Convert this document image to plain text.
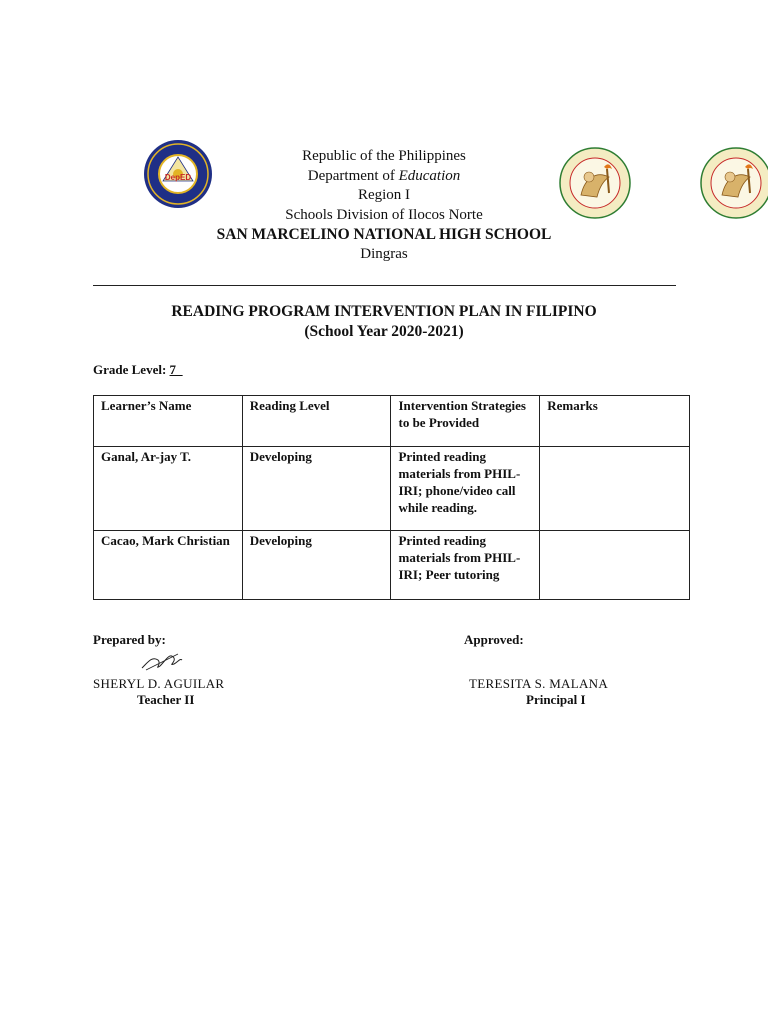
DepED
Republic of the Philippines
Department of Education
Region I
Schools Division of Ilocos Norte
SAN MARCELINO NATIONAL HIGH SCHOOL
Dingras
READING PROGRAM INTERVENTION PLAN IN FILIPINO
(School Year 2020-2021)
Grade Level: 7_
Learner’s Name	Reading Level	Intervention Strategies to be Provided	Remarks
Ganal, Ar-jay T.	Developing	Printed reading materials from PHIL-IRI; phone/video call while reading.	
Cacao, Mark Christian	Developing	Printed reading materials from PHIL-IRI; Peer tutoring	
Prepared by:
SHERYL D. AGUILAR
Teacher II
Approved:
TERESITA S. MALANA
Principal I
